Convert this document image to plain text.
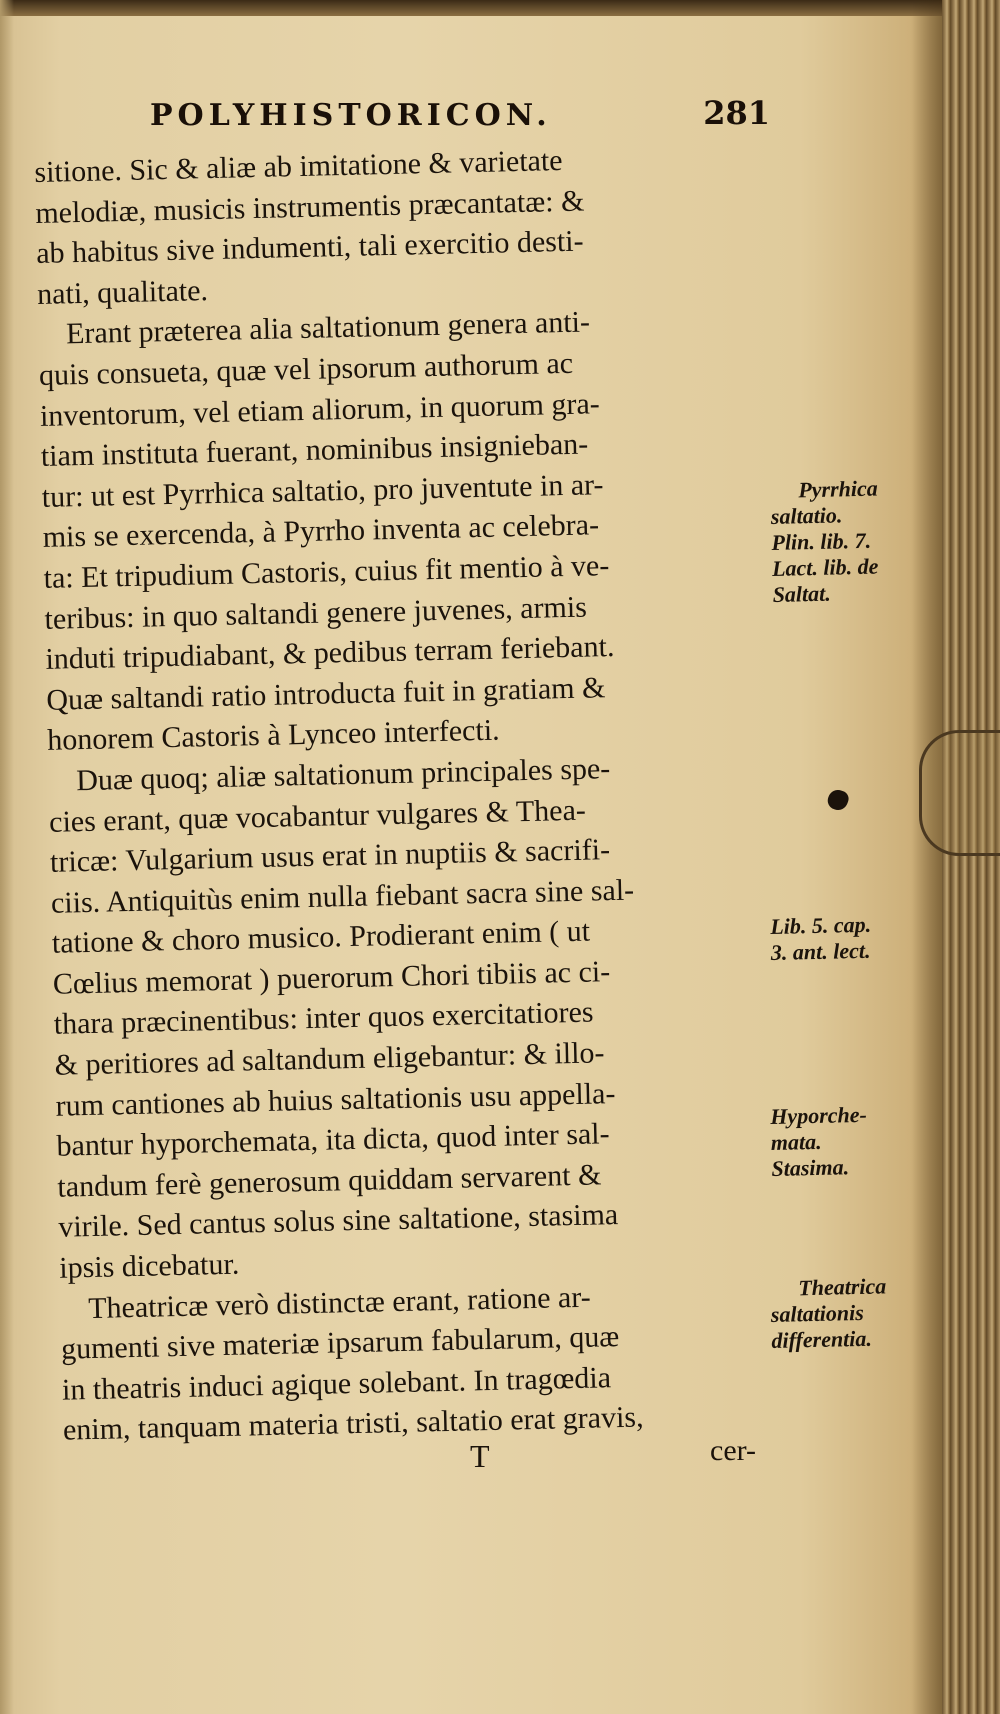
POLYHISTORICON.	281
sitione. Sic & aliæ ab imitatione & varietate
melodiæ, musicis instrumentis præcantatæ: &
ab habitus sive indumenti, tali exercitio desti-
nati, qualitate.
Erant præterea alia saltationum genera anti-
quis consueta, quæ vel ipsorum authorum ac
inventorum, vel etiam aliorum, in quorum gra-
tiam instituta fuerant, nominibus insignieban-
tur: ut est Pyrrhica saltatio, pro juventute in ar-
mis se exercenda, à Pyrrho inventa ac celebra-
ta: Et tripudium Castoris, cuius fit mentio à ve-
teribus: in quo saltandi genere juvenes, armis
induti tripudiabant, & pedibus terram feriebant.
Quæ saltandi ratio introducta fuit in gratiam &
honorem Castoris à Lynceo interfecti.
Duæ quoq; aliæ saltationum principales spe-
cies erant, quæ vocabantur vulgares & Thea-
tricæ: Vulgarium usus erat in nuptiis & sacrifi-
ciis. Antiquitùs enim nulla fiebant sacra sine sal-
tatione & choro musico. Prodierant enim ( ut
Cœlius memorat ) puerorum Chori tibiis ac ci-
thara præcinentibus: inter quos exercitatiores
& peritiores ad saltandum eligebantur: & illo-
rum cantiones ab huius saltationis usu appella-
bantur hyporchemata, ita dicta, quod inter sal-
tandum ferè generosum quiddam servarent &
virile. Sed cantus solus sine saltatione, stasima
ipsis dicebatur.
Theatricæ verò distinctæ erant, ratione ar-
gumenti sive materiæ ipsarum fabularum, quæ
in theatris induci agique solebant. In tragœdia
enim, tanquam materia tristi, saltatio erat gravis,
Pyrrhica
saltatio.
Plin. lib. 7.
Lact. lib. de
Saltat.
Lib. 5. cap.
3. ant. lect.
Hyporche-
mata.
Stasima.
Theatrica
saltationis
differentia.
T	cer-
